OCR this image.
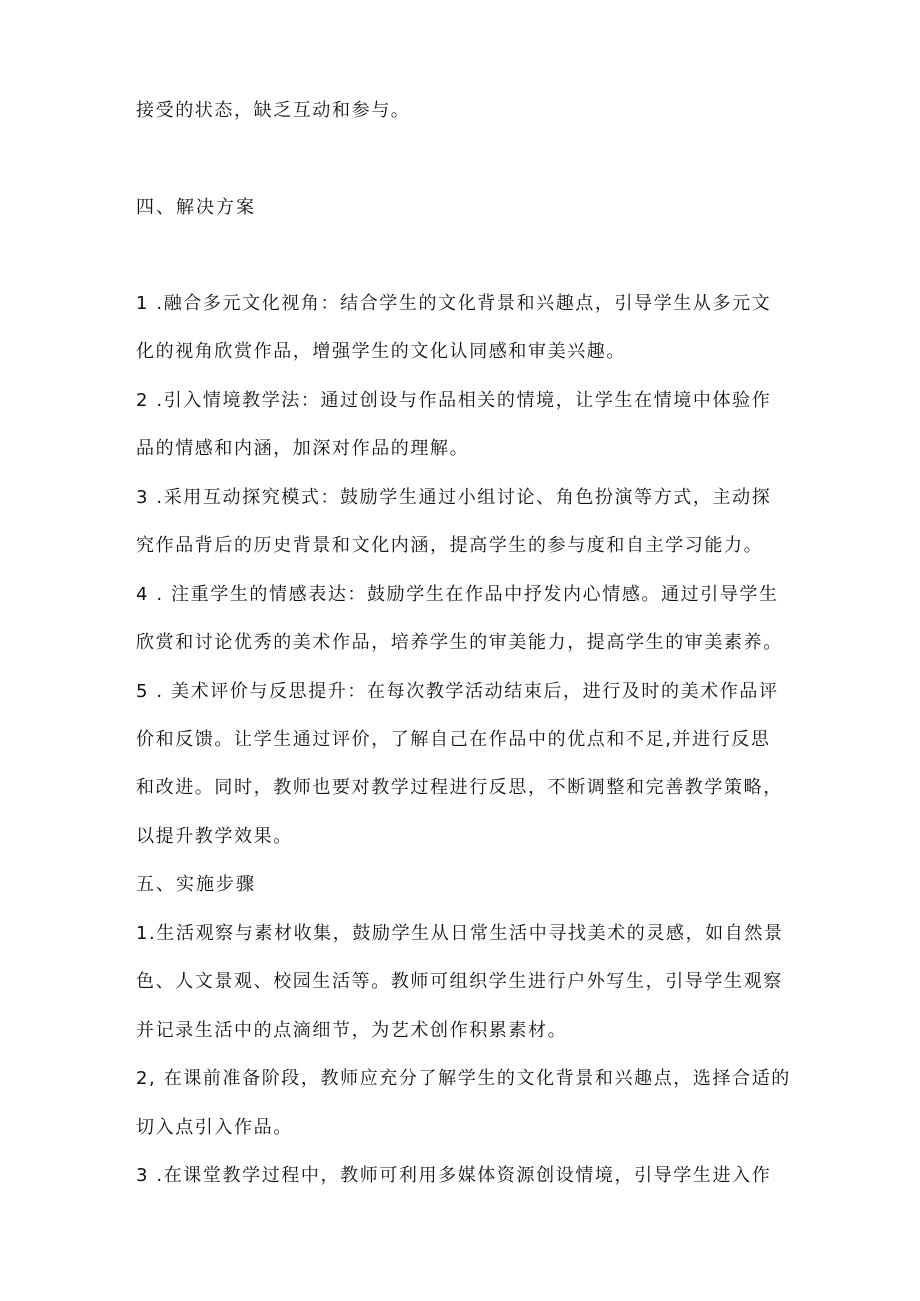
接受的状态，缺乏互动和参与。
四、解决方案
1 .融合多元文化视角：结合学生的文化背景和兴趣点，引导学生从多元文
化的视角欣赏作品，增强学生的文化认同感和审美兴趣。
2 .引入情境教学法：通过创设与作品相关的情境，让学生在情境中体验作
品的情感和内涵，加深对作品的理解。
3 .采用互动探究模式：鼓励学生通过小组讨论、角色扮演等方式，主动探
究作品背后的历史背景和文化内涵，提高学生的参与度和自主学习能力。
4 . 注重学生的情感表达：鼓励学生在作品中抒发内心情感。通过引导学生
欣赏和讨论优秀的美术作品，培养学生的审美能力，提高学生的审美素养。
5 . 美术评价与反思提升：在每次教学活动结束后，进行及时的美术作品评
价和反馈。让学生通过评价，了解自己在作品中的优点和不足,并进行反思
和改进。同时，教师也要对教学过程进行反思，不断调整和完善教学策略，
以提升教学效果。
五、实施步骤
1.生活观察与素材收集，鼓励学生从日常生活中寻找美术的灵感，如自然景
色、人文景观、校园生活等。教师可组织学生进行户外写生，引导学生观察
并记录生活中的点滴细节，为艺术创作积累素材。
2, 在课前准备阶段，教师应充分了解学生的文化背景和兴趣点，选择合适的
切入点引入作品。
3 .在课堂教学过程中，教师可利用多媒体资源创设情境，引导学生进入作
